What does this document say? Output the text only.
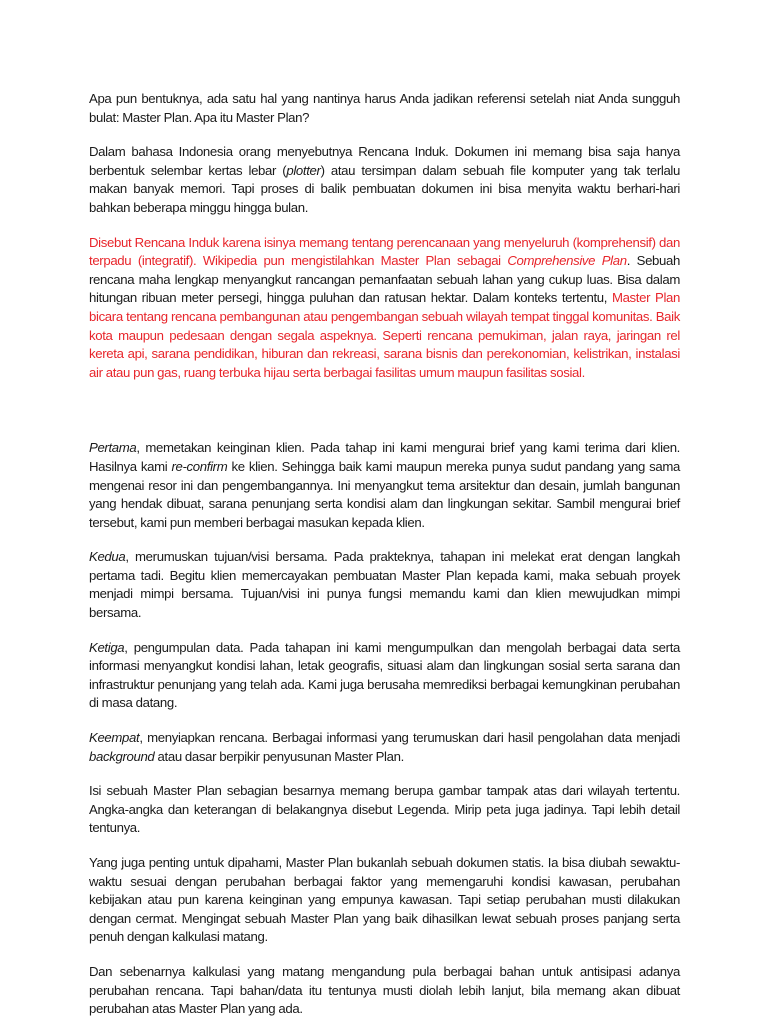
Apa pun bentuknya, ada satu hal yang nantinya harus Anda jadikan referensi setelah niat Anda sungguh bulat: Master Plan. Apa itu Master Plan?

Dalam bahasa Indonesia orang menyebutnya Rencana Induk. Dokumen ini memang bisa saja hanya berbentuk selembar kertas lebar (plotter) atau tersimpan dalam sebuah file komputer yang tak terlalu makan banyak memori. Tapi proses di balik pembuatan dokumen ini bisa menyita waktu berhari-hari bahkan beberapa minggu hingga bulan.

Disebut Rencana Induk karena isinya memang tentang perencanaan yang menyeluruh (komprehensif) dan terpadu (integratif). Wikipedia pun mengistilahkan Master Plan sebagai Comprehensive Plan. Sebuah rencana maha lengkap menyangkut rancangan pemanfaatan sebuah lahan yang cukup luas. Bisa dalam hitungan ribuan meter persegi, hingga puluhan dan ratusan hektar. Dalam konteks tertentu, Master Plan bicara tentang rencana pembangunan atau pengembangan sebuah wilayah tempat tinggal komunitas. Baik kota maupun pedesaan dengan segala aspeknya. Seperti rencana pemukiman, jalan raya, jaringan rel kereta api, sarana pendidikan, hiburan dan rekreasi, sarana bisnis dan perekonomian, kelistrikan, instalasi air atau pun gas, ruang terbuka hijau serta berbagai fasilitas umum maupun fasilitas sosial.

Pertama, memetakan keinginan klien. Pada tahap ini kami mengurai brief yang kami terima dari klien. Hasilnya kami re-confirm ke klien. Sehingga baik kami maupun mereka punya sudut pandang yang sama mengenai resor ini dan pengembangannya. Ini menyangkut tema arsitektur dan desain, jumlah bangunan yang hendak dibuat, sarana penunjang serta kondisi alam dan lingkungan sekitar. Sambil mengurai brief tersebut, kami pun memberi berbagai masukan kepada klien.

Kedua, merumuskan tujuan/visi bersama. Pada prakteknya, tahapan ini melekat erat dengan langkah pertama tadi. Begitu klien memercayakan pembuatan Master Plan kepada kami, maka sebuah proyek menjadi mimpi bersama. Tujuan/visi ini punya fungsi memandu kami dan klien mewujudkan mimpi bersama.

Ketiga, pengumpulan data. Pada tahapan ini kami mengumpulkan dan mengolah berbagai data serta informasi menyangkut kondisi lahan, letak geografis, situasi alam dan lingkungan sosial serta sarana dan infrastruktur penunjang yang telah ada. Kami juga berusaha memrediksi berbagai kemungkinan perubahan di masa datang.

Keempat, menyiapkan rencana. Berbagai informasi yang terumuskan dari hasil pengolahan data menjadi background atau dasar berpikir penyusunan Master Plan.

Isi sebuah Master Plan sebagian besarnya memang berupa gambar tampak atas dari wilayah tertentu. Angka-angka dan keterangan di belakangnya disebut Legenda. Mirip peta juga jadinya. Tapi lebih detail tentunya.

Yang juga penting untuk dipahami, Master Plan bukanlah sebuah dokumen statis. Ia bisa diubah sewaktu-waktu sesuai dengan perubahan berbagai faktor yang memengaruhi kondisi kawasan, perubahan kebijakan atau pun karena keinginan yang empunya kawasan. Tapi setiap perubahan musti dilakukan dengan cermat. Mengingat sebuah Master Plan yang baik dihasilkan lewat sebuah proses panjang serta penuh dengan kalkulasi matang.

Dan sebenarnya kalkulasi yang matang mengandung pula berbagai bahan untuk antisipasi adanya perubahan rencana. Tapi bahan/data itu tentunya musti diolah lebih lanjut, bila memang akan dibuat perubahan atas Master Plan yang ada.
